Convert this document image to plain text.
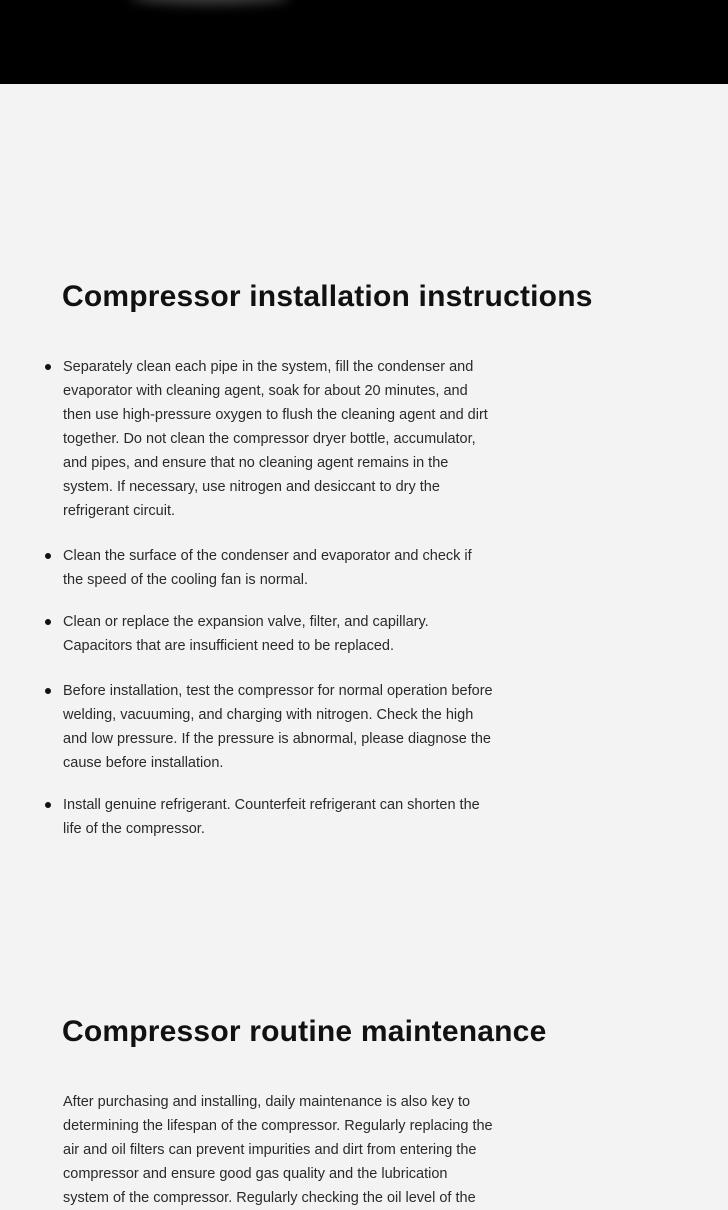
Compressor installation instructions
Separately clean each pipe in the system, fill the condenser and evaporator with cleaning agent, soak for about 20 minutes, and then use high-pressure oxygen to flush the cleaning agent and dirt together. Do not clean the compressor dryer bottle, accumulator, and pipes, and ensure that no cleaning agent remains in the system. If necessary, use nitrogen and desiccant to dry the refrigerant circuit.
Clean the surface of the condenser and evaporator and check if the speed of the cooling fan is normal.
Clean or replace the expansion valve, filter, and capillary. Capacitors that are insufficient need to be replaced.
Before installation, test the compressor for normal operation before welding, vacuuming, and charging with nitrogen. Check the high and low pressure. If the pressure is abnormal, please diagnose the cause before installation.
Install genuine refrigerant. Counterfeit refrigerant can shorten the life of the compressor.
Compressor routine maintenance

After purchasing and installing, daily maintenance is also key to determining the lifespan of the compressor. Regularly replacing the air and oil filters can prevent impurities and dirt from entering the compressor and ensure good gas quality and the lubrication system of the compressor. Regularly checking the oil level of the
